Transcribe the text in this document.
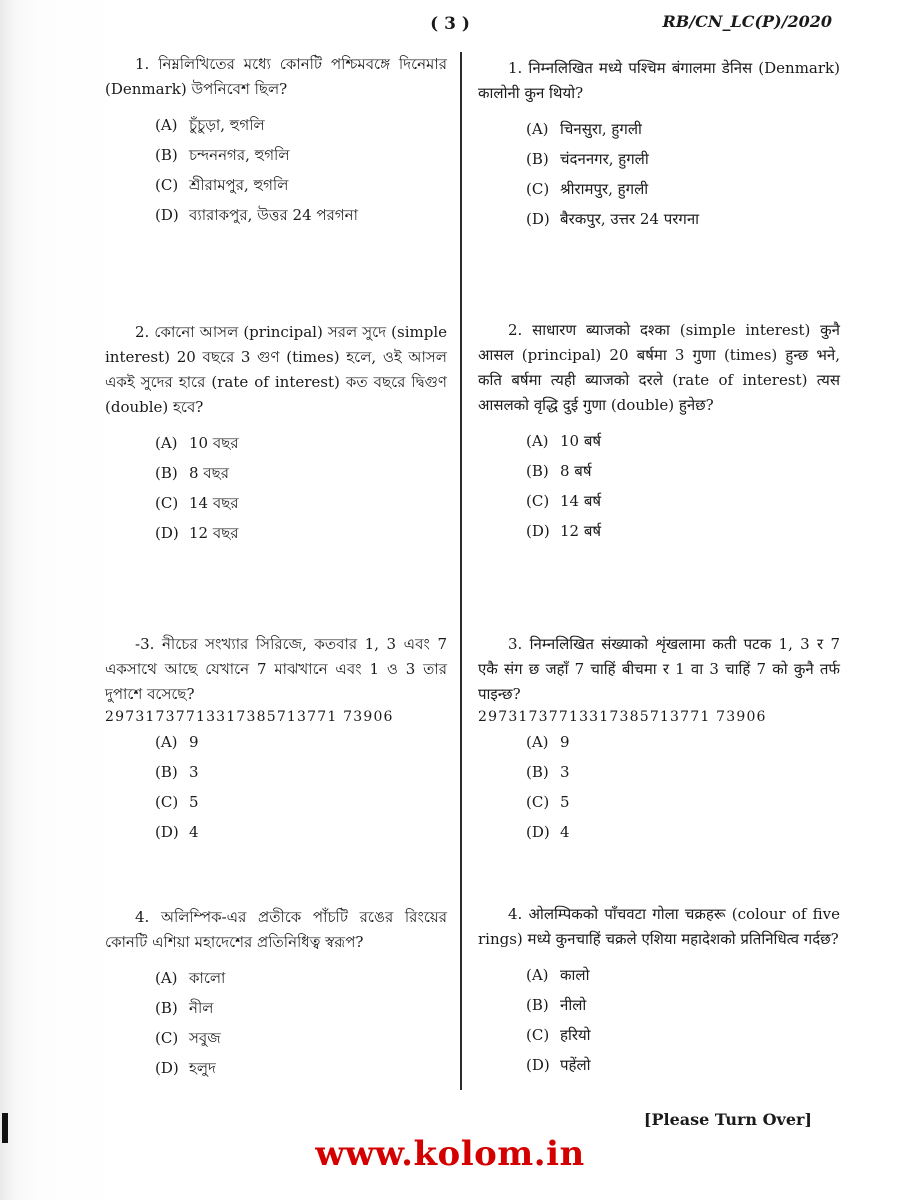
( 3 )	RB/CN_LC(P)/2020

1. নিম্নলিখিতের মধ্যে কোনটি পশ্চিমবঙ্গে দিনেমার (Denmark) উপনিবেশ ছিল?

(A) চুঁচুড়া, হুগলি
(B) চন্দননগর, হুগলি
(C) শ্রীরামপুর, হুগলি
(D) ব্যারাকপুর, উত্তর 24 পরগনা

2. কোনো আসল (principal) সরল সুদে (simple interest) 20 বছরে 3 গুণ (times) হলে, ওই আসল একই সুদের হারে (rate of interest) কত বছরে দ্বিগুণ (double) হবে?

(A) 10 বছর
(B) 8 বছর
(C) 14 বছর
(D) 12 বছর

-3. নীচের সংখ্যার সিরিজে, কতবার 1, 3 এবং 7 একসাথে আছে যেখানে 7 মাঝখানে এবং 1 ও 3 তার দুপাশে বসেছে?

29731737713317385713771 73906
(A) 9
(B) 3
(C) 5
(D) 4

4. অলিম্পিক-এর প্রতীকে পাঁচটি রঙের রিংয়ের কোনটি এশিয়া মহাদেশের প্রতিনিধিত্ব স্বরূপ?

(A) কালো
(B) নীল
(C) সবুজ
(D) হলুদ

1. निम्नलिखित मध्ये पश्चिम बंगालमा डेनिस (Denmark) कालोनी कुन थियो?

(A) चिनसुरा, हुगली
(B) चंदननगर, हुगली
(C) श्रीरामपुर, हुगली
(D) बैरकपुर, उत्तर 24 परगना

2. साधारण ब्याजको दश्का (simple interest) कुनै आसल (principal) 20 बर्षमा 3 गुणा (times) हुन्छ भने, कति बर्षमा त्यही ब्याजको दरले (rate of interest) त्यस आसलको वृद्धि दुई गुणा (double) हुनेछ?

(A) 10 बर्ष
(B) 8 बर्ष
(C) 14 बर्ष
(D) 12 बर्ष

3. निम्नलिखित संख्याको शृंखलामा कती पटक 1, 3 र 7 एकै संग छ जहाँ 7 चाहिं बीचमा र 1 वा 3 चाहिं 7 को कुनै तर्फ पाइन्छ?

29731737713317385713771 73906
(A) 9
(B) 3
(C) 5
(D) 4

4. ओलम्पिकको पाँचवटा गोला चक्रहरू (colour of five rings) मध्ये कुनचाहिं चक्रले एशिया महादेशको प्रतिनिधित्व गर्दछ?

(A) कालो
(B) नीलो
(C) हरियो
(D) पहेंलो
[Please Turn Over]
www.kolom.in
